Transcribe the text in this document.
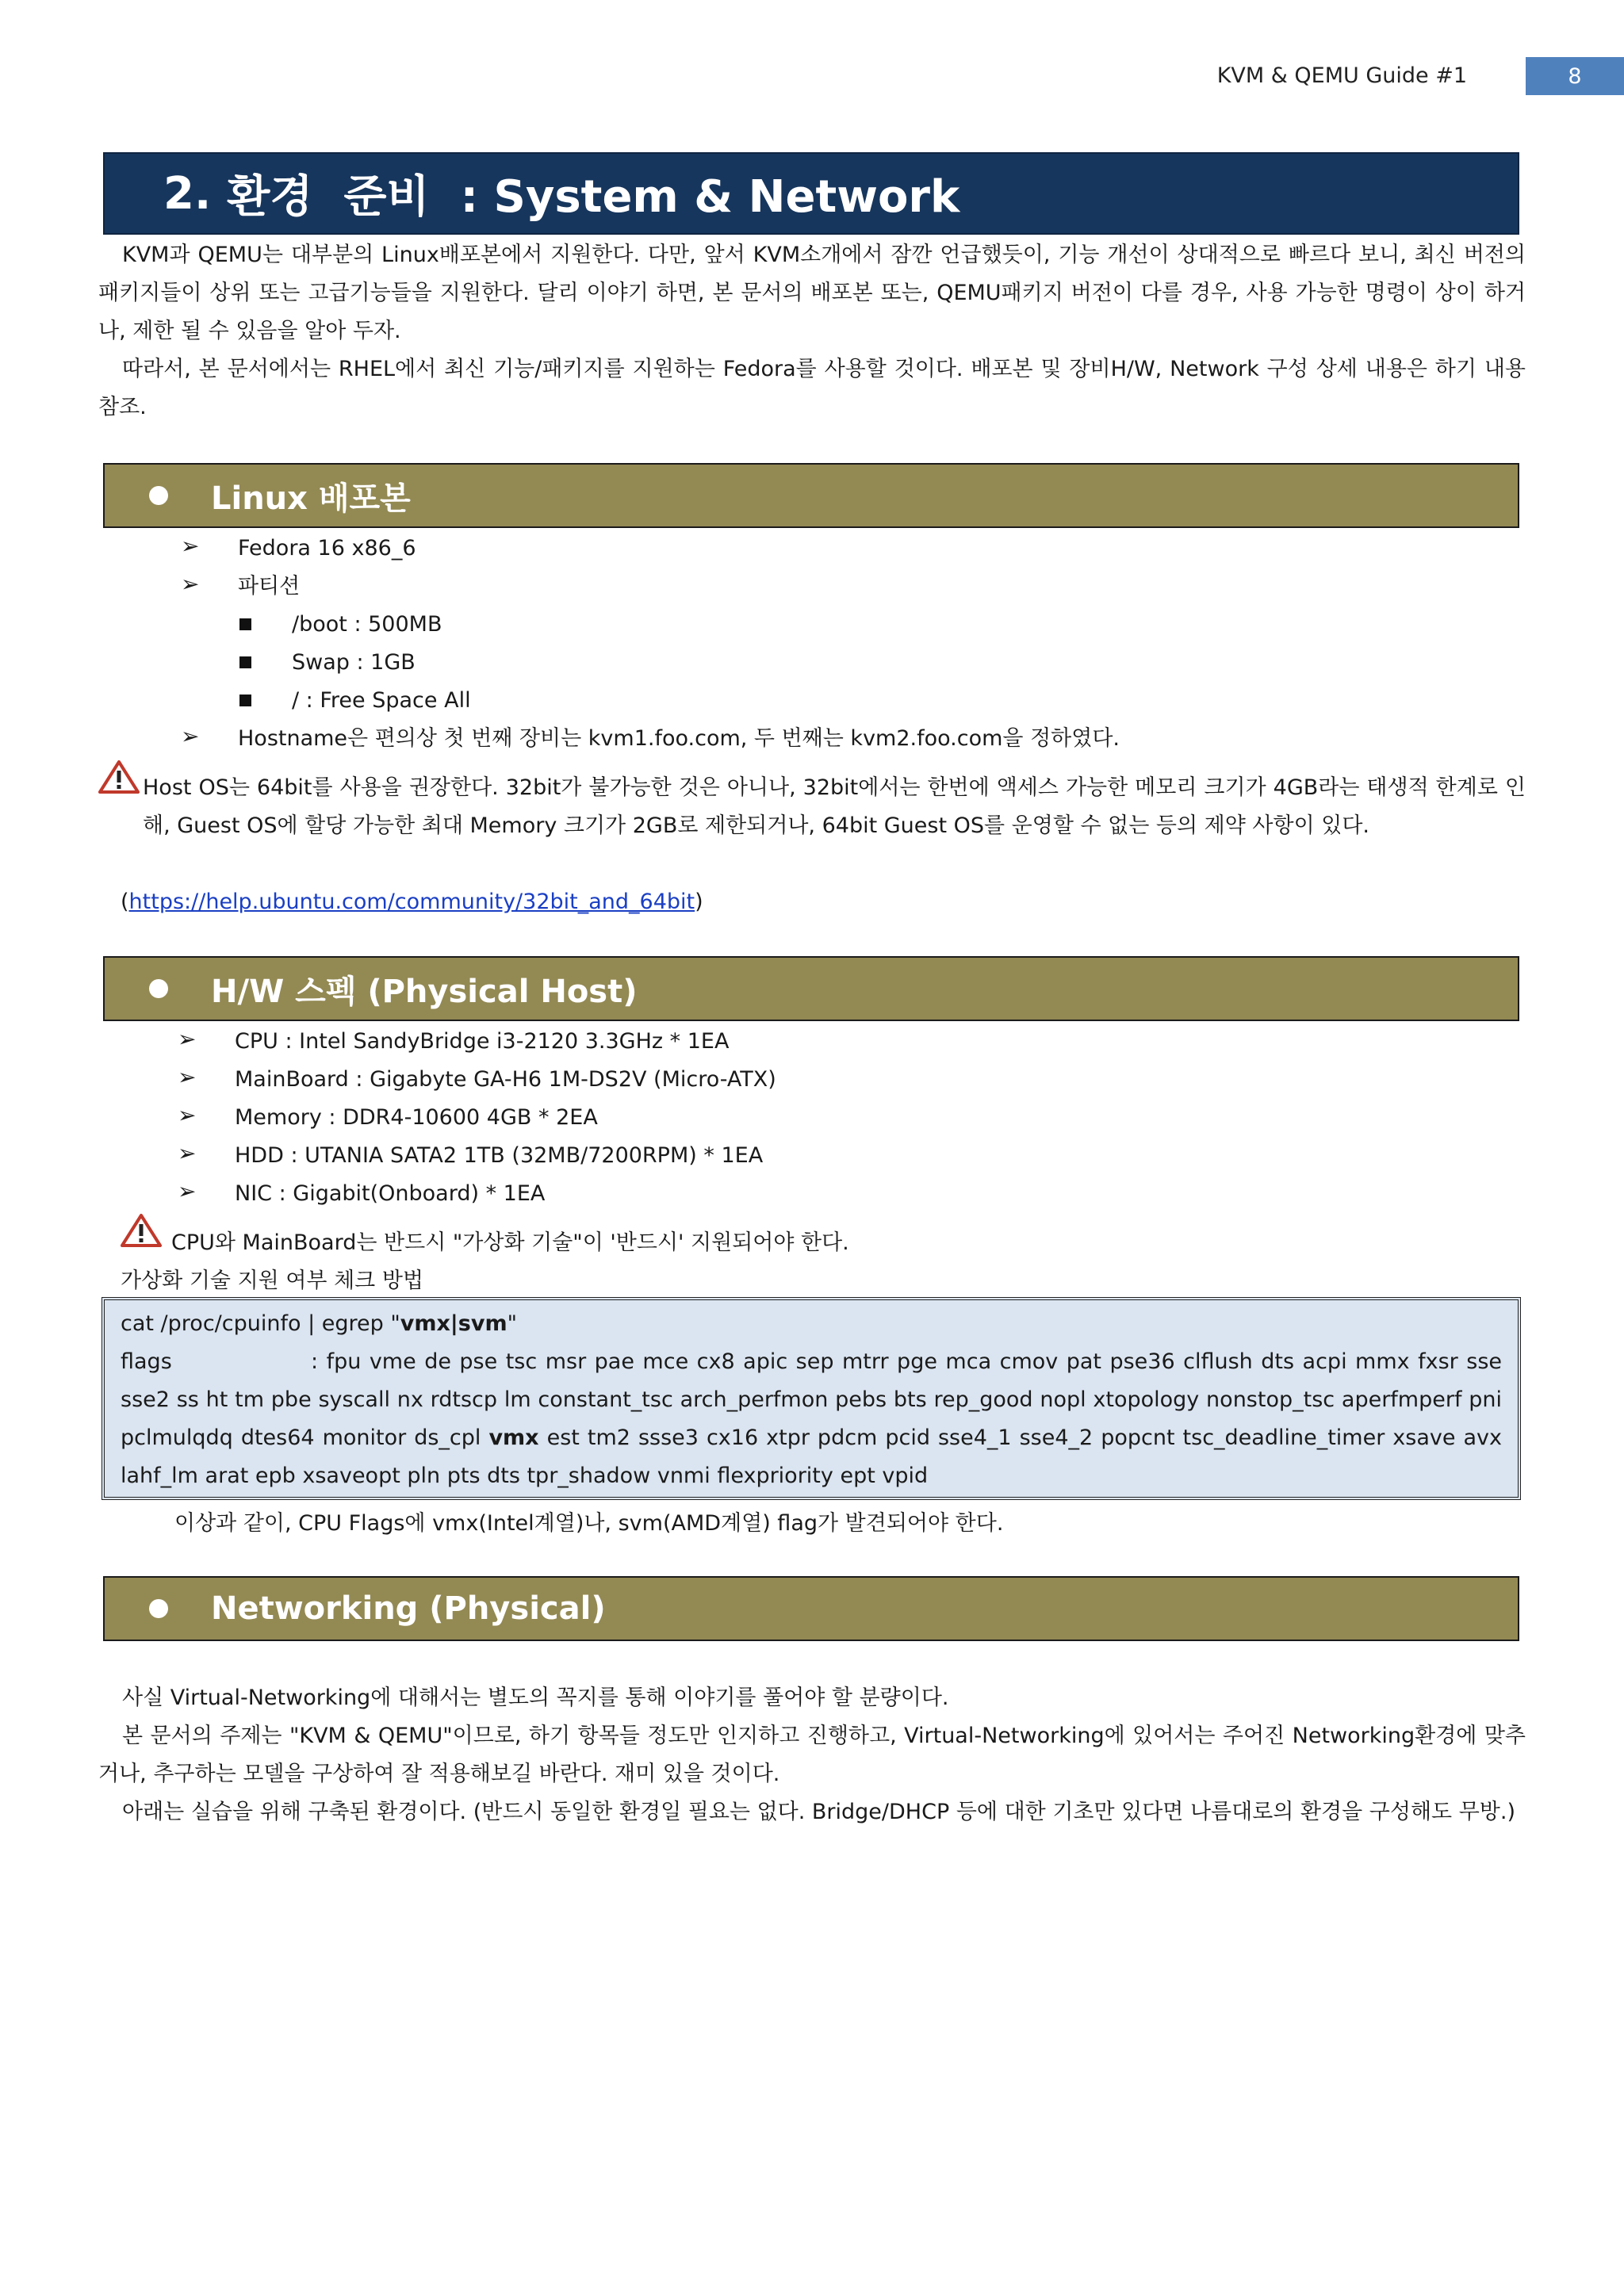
KVM & QEMU Guide #1	8
2. 환경  준비  : System & Network
KVM과 QEMU는 대부분의 Linux배포본에서 지원한다. 다만, 앞서 KVM소개에서 잠깐 언급했듯이, 기능 개선이 상대적으로 빠르다 보니, 최신 버전의 패키지들이 상위 또는 고급기능들을 지원한다. 달리 이야기 하면, 본 문서의 배포본 또는, QEMU패키지 버전이 다를 경우, 사용 가능한 명령이 상이 하거나, 제한 될 수 있음을 알아 두자.
따라서, 본 문서에서는 RHEL에서 최신 기능/패키지를 지원하는 Fedora를 사용할 것이다. 배포본 및 장비H/W, Network 구성 상세 내용은 하기 내용 참조.
Linux 배포본
➢ Fedora 16 x86_6
➢ 파티션
/boot : 500MB
Swap : 1GB
/ : Free Space All
➢ Hostname은 편의상 첫 번째 장비는 kvm1.foo.com, 두 번째는 kvm2.foo.com을 정하였다.
Host OS는 64bit를 사용을 권장한다. 32bit가 불가능한 것은 아니나, 32bit에서는 한번에 액세스 가능한 메모리 크기가 4GB라는 태생적 한계로 인해, Guest OS에 할당 가능한 최대 Memory 크기가 2GB로 제한되거나, 64bit Guest OS를 운영할 수 없는 등의 제약 사항이 있다.
(https://help.ubuntu.com/community/32bit_and_64bit)
H/W 스펙 (Physical Host)
➢ CPU : Intel SandyBridge i3-2120 3.3GHz * 1EA
➢ MainBoard : Gigabyte GA-H6 1M-DS2V (Micro-ATX)
➢ Memory : DDR4-10600 4GB * 2EA
➢ HDD : UTANIA SATA2 1TB (32MB/7200RPM) * 1EA
➢ NIC : Gigabit(Onboard) * 1EA
CPU와 MainBoard는 반드시 "가상화 기술"이 '반드시' 지원되어야 한다.
가상화 기술 지원 여부 체크 방법
cat /proc/cpuinfo | egrep "vmx|svm"
flags	: fpu vme de pse tsc msr pae mce cx8 apic sep mtrr pge mca cmov pat pse36 clflush dts acpi mmx fxsr sse sse2 ss ht tm pbe syscall nx rdtscp lm constant_tsc arch_perfmon pebs bts rep_good nopl xtopology nonstop_tsc aperfmperf pni pclmulqdq dtes64 monitor ds_cpl vmx est tm2 ssse3 cx16 xtpr pdcm pcid sse4_1 sse4_2 popcnt tsc_deadline_timer xsave avx lahf_lm arat epb xsaveopt pln pts dts tpr_shadow vnmi flexpriority ept vpid
이상과 같이, CPU Flags에 vmx(Intel계열)나, svm(AMD계열) flag가 발견되어야 한다.
Networking (Physical)
사실 Virtual-Networking에 대해서는 별도의 꼭지를 통해 이야기를 풀어야 할 분량이다.
본 문서의 주제는 "KVM & QEMU"이므로, 하기 항목들 정도만 인지하고 진행하고, Virtual-Networking에 있어서는 주어진 Networking환경에 맞추거나, 추구하는 모델을 구상하여 잘 적용해보길 바란다. 재미 있을 것이다.
아래는 실습을 위해 구축된 환경이다. (반드시 동일한 환경일 필요는 없다. Bridge/DHCP 등에 대한 기초만 있다면 나름대로의 환경을 구성해도 무방.)
